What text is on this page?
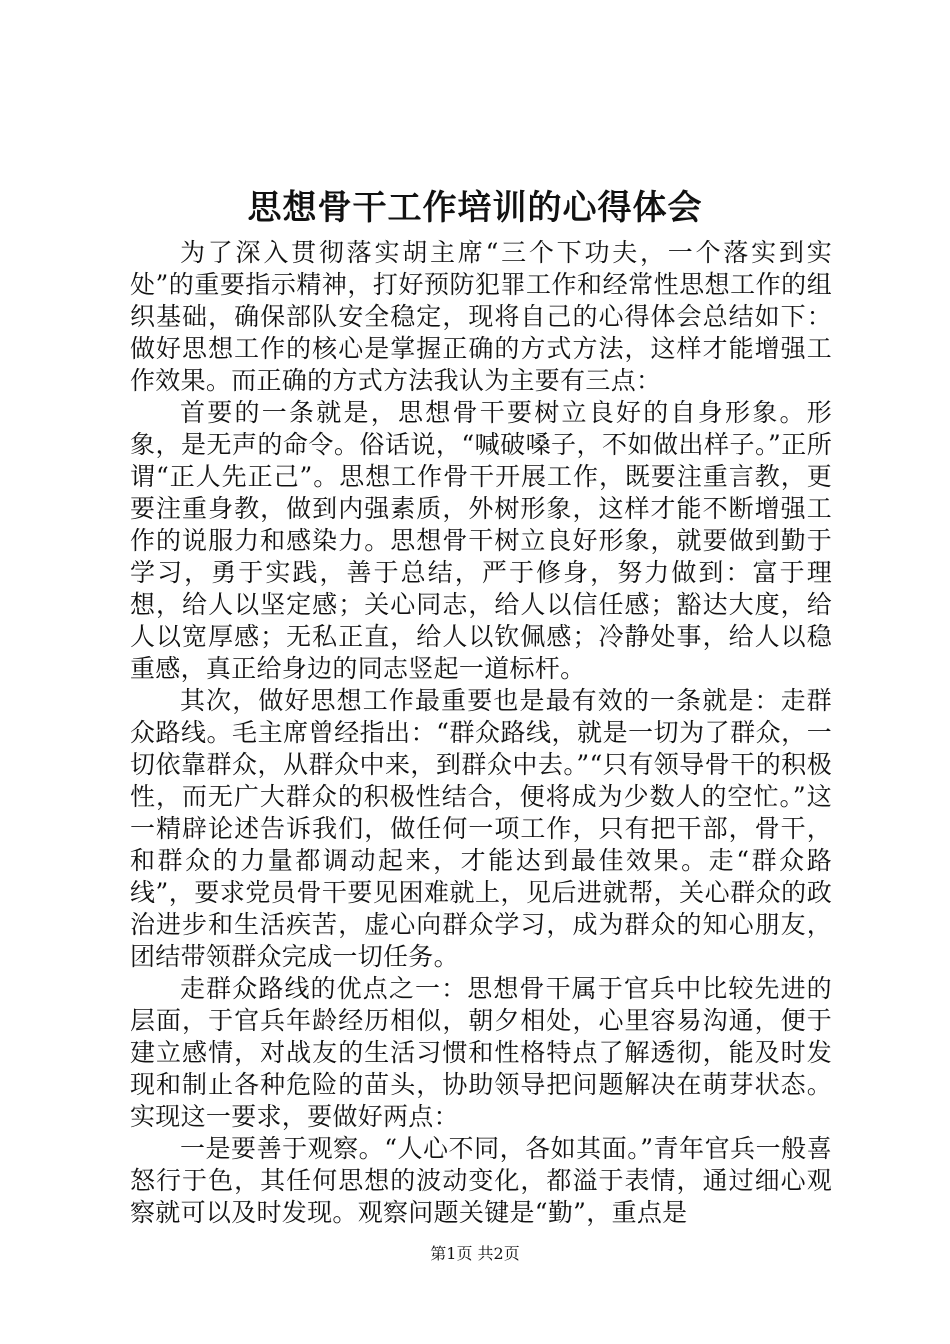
思想骨干工作培训的心得体会

为了深入贯彻落实胡主席“三个下功夫，一个落实到实处”的重要指示精神，打好预防犯罪工作和经常性思想工作的组织基础，确保部队安全稳定，现将自己的心得体会总结如下：做好思想工作的核心是掌握正确的方式方法，这样才能增强工作效果。而正确的方式方法我认为主要有三点：

首要的一条就是，思想骨干要树立良好的自身形象。形象，是无声的命令。俗话说，“喊破嗓子，不如做出样子。”正所谓“正人先正己”。思想工作骨干开展工作，既要注重言教，更要注重身教，做到内强素质，外树形象，这样才能不断增强工作的说服力和感染力。思想骨干树立良好形象，就要做到勤于学习，勇于实践，善于总结，严于修身，努力做到：富于理想，给人以坚定感；关心同志，给人以信任感；豁达大度，给人以宽厚感；无私正直，给人以钦佩感；冷静处事，给人以稳重感，真正给身边的同志竖起一道标杆。

其次，做好思想工作最重要也是最有效的一条就是：走群众路线。毛主席曾经指出：“群众路线，就是一切为了群众，一切依靠群众，从群众中来，到群众中去。”“只有领导骨干的积极性，而无广大群众的积极性结合，便将成为少数人的空忙。”这一精辟论述告诉我们，做任何一项工作，只有把干部，骨干，和群众的力量都调动起来，才能达到最佳效果。走“群众路线”，要求党员骨干要见困难就上，见后进就帮，关心群众的政治进步和生活疾苦，虚心向群众学习，成为群众的知心朋友，团结带领群众完成一切任务。

走群众路线的优点之一：思想骨干属于官兵中比较先进的层面，于官兵年龄经历相似，朝夕相处，心里容易沟通，便于建立感情，对战友的生活习惯和性格特点了解透彻，能及时发现和制止各种危险的苗头，协助领导把问题解决在萌芽状态。实现这一要求，要做好两点：

一是要善于观察。“人心不同，各如其面。”青年官兵一般喜怒行于色，其任何思想的波动变化，都溢于表情，通过细心观察就可以及时发现。观察问题关键是“勤”，重点是

第1页 共2页
